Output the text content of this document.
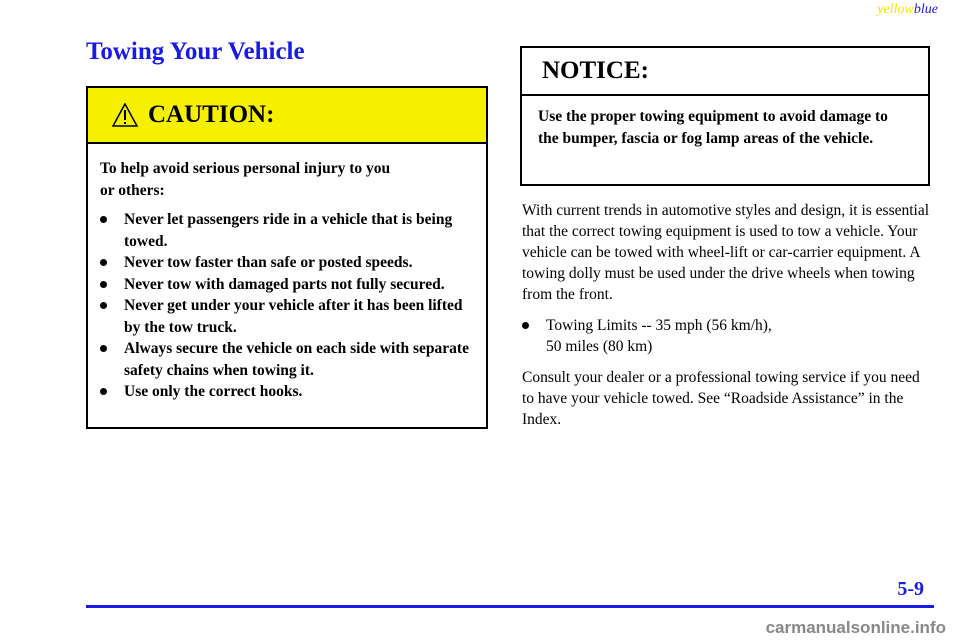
yellowblue
Towing Your Vehicle
CAUTION:

To help avoid serious personal injury to you
or others:

Never let passengers ride in a vehicle that is being towed.
Never tow faster than safe or posted speeds.
Never tow with damaged parts not fully secured.
Never get under your vehicle after it has been lifted by the tow truck.
Always secure the vehicle on each side with separate safety chains when towing it.
Use only the correct hooks.
NOTICE:

Use the proper towing equipment to avoid damage to the bumper, fascia or fog lamp areas of the vehicle.

With current trends in automotive styles and design, it is essential that the correct towing equipment is used to tow a vehicle. Your vehicle can be towed with wheel‑lift or car‑carrier equipment. A towing dolly must be used under the drive wheels when towing from the front.

Towing Limits ‑‑ 35 mph (56 km/h),
50 miles (80 km)

Consult your dealer or a professional towing service if you need to have your vehicle towed. See “Roadside Assistance” in the Index.

5-9
carmanualsonline.info
